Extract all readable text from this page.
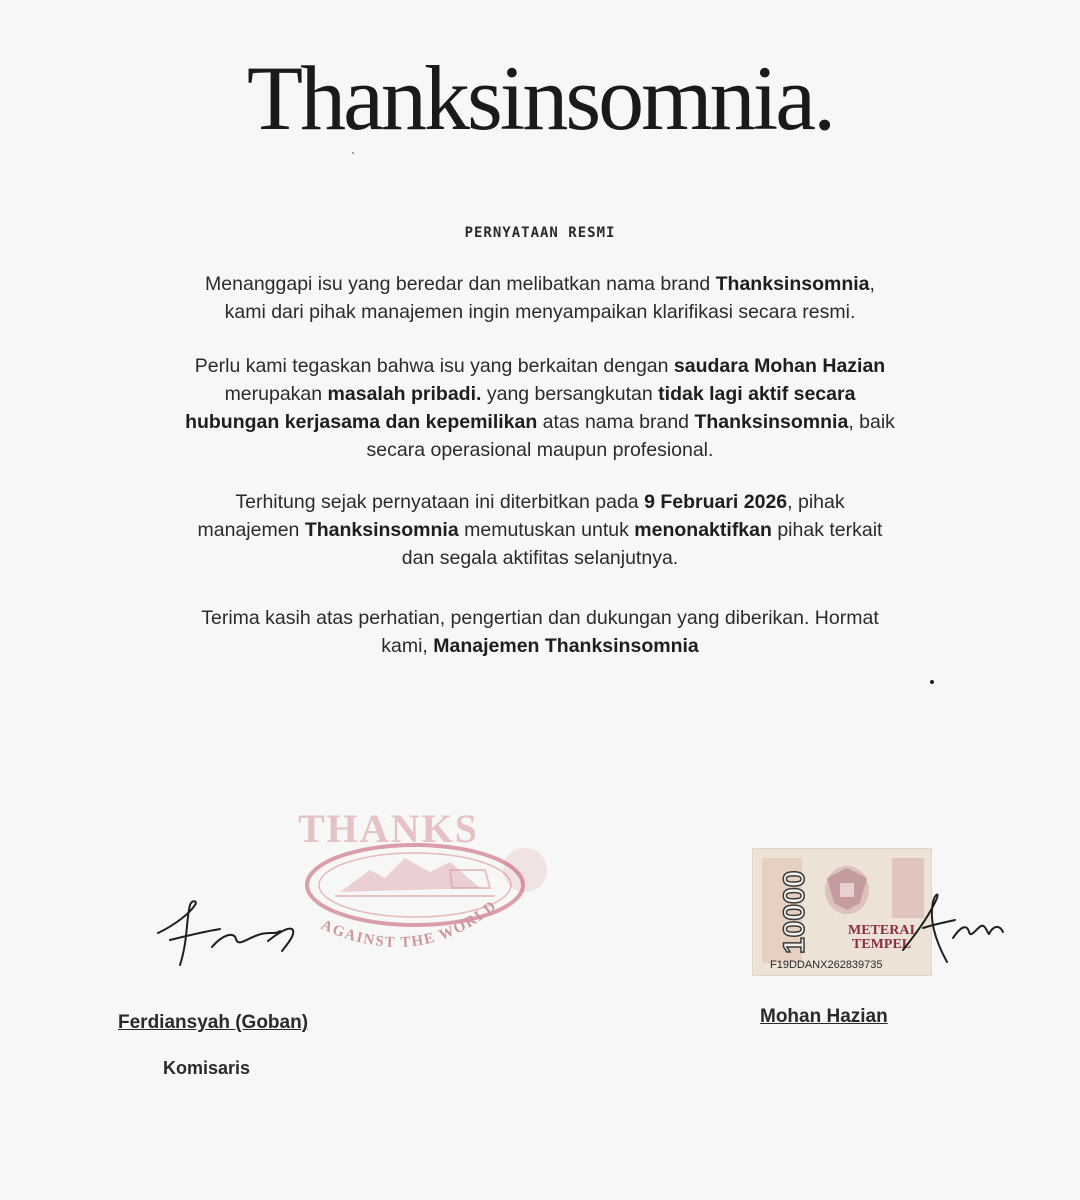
Thanksinsomnia.
PERNYATAAN RESMI

Menanggapi isu yang beredar dan melibatkan nama brand Thanksinsomnia,

kami dari pihak manajemen ingin menyampaikan klarifikasi secara resmi.

Perlu kami tegaskan bahwa isu yang berkaitan dengan saudara Mohan Hazian

merupakan masalah pribadi. yang bersangkutan tidak lagi aktif secara

hubungan kerjasama dan kepemilikan atas nama brand Thanksinsomnia, baik

secara operasional maupun profesional.

Terhitung sejak pernyataan ini diterbitkan pada 9 Februari 2026, pihak

manajemen Thanksinsomnia memutuskan untuk menonaktifkan pihak terkait

dan segala aktifitas selanjutnya.

Terima kasih atas perhatian, pengertian dan dukungan yang diberikan. Hormat

kami, Manajemen Thanksinsomnia

THANKS
AGAINST THE WORLD	10000	METERAI
TEMPEL
F19DDANX262839735
Ferdiansyah (Goban)
Komisaris
Mohan Hazian
